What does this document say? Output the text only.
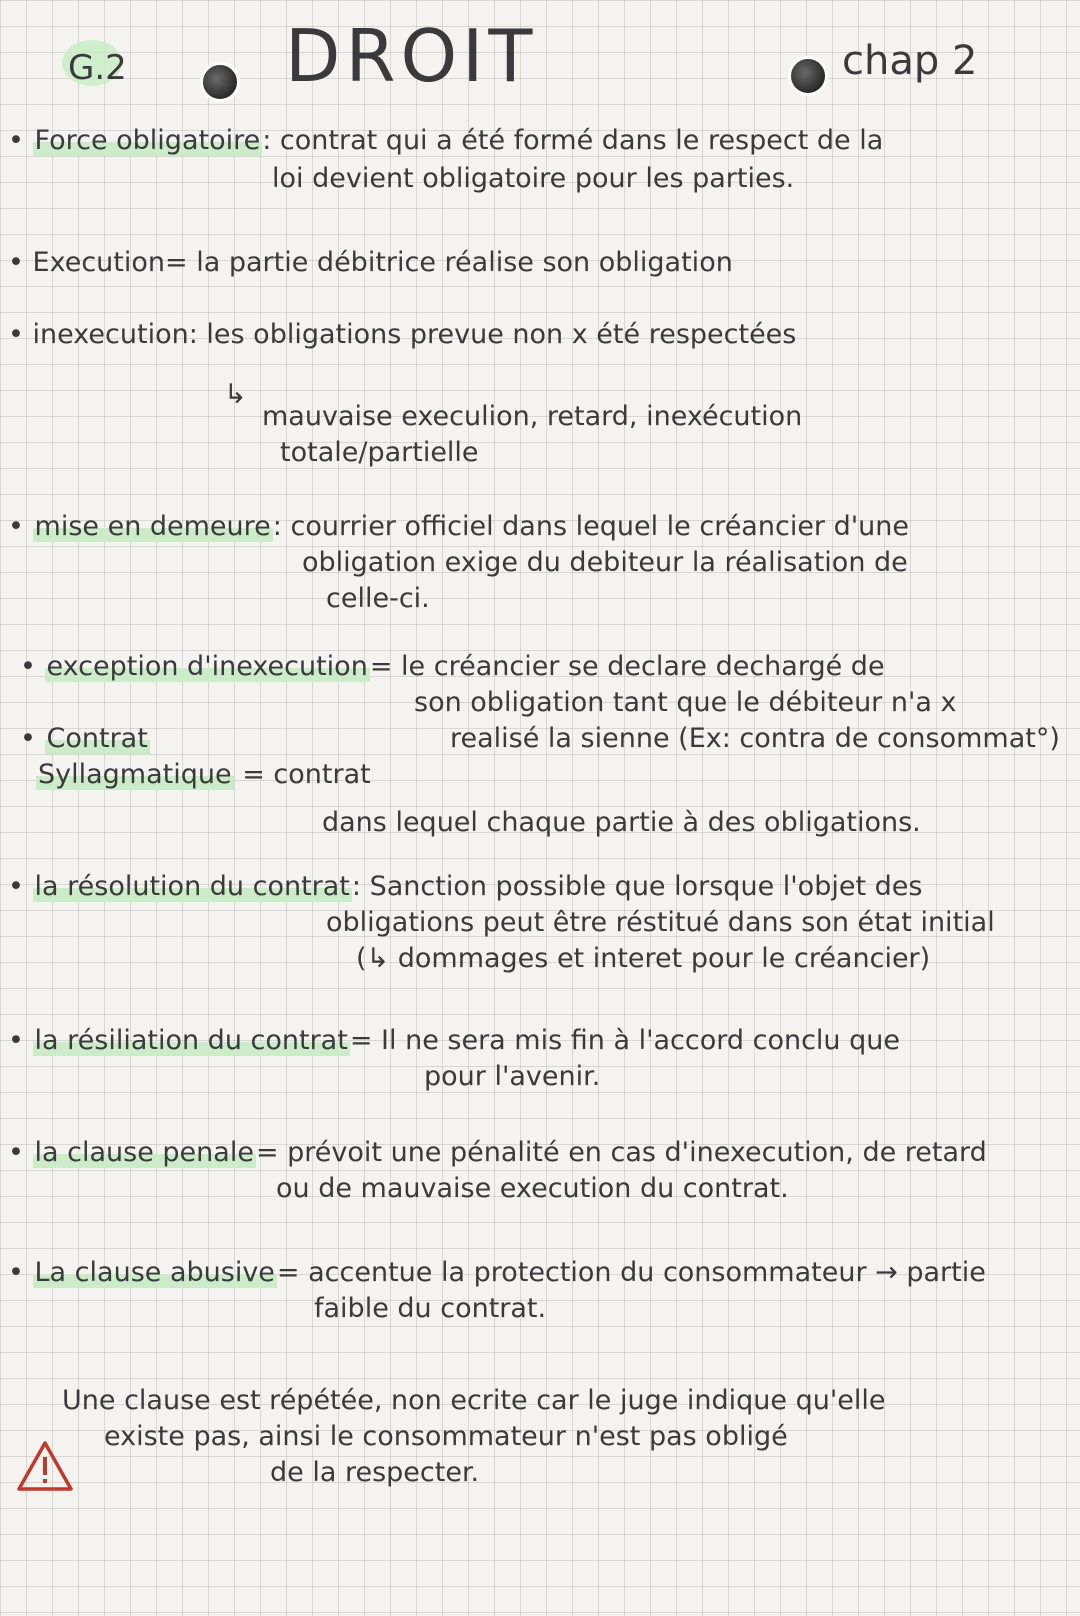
G.2 DROIT	chap 2
• Force obligatoire: contrat qui a été formé dans le respect de la
loi devient obligatoire pour les parties.
• Execution= la partie débitrice réalise son obligation
• inexecution: les obligations prevue non x été respectées
↳
mauvaise execulion, retard, inexécution
totale/partielle
• mise en demeure: courrier officiel dans lequel le créancier d'une
obligation exige du debiteur la réalisation de
celle-ci.
• exception d'inexecution= le créancier se declare dechargé de
son obligation tant que le débiteur n'a x
realisé la sienne (Ex: contra de consommat°)
• Contrat
Syllagmatique = contrat
dans lequel chaque partie à des obligations.
• la résolution du contrat: Sanction possible que lorsque l'objet des
obligations peut être réstitué dans son état initial
(↳ dommages et interet pour le créancier)
• la résiliation du contrat= Il ne sera mis fin à l'accord conclu que
pour l'avenir.
• la clause penale= prévoit une pénalité en cas d'inexecution, de retard
ou de mauvaise execution du contrat.
• La clause abusive= accentue la protection du consommateur → partie
faible du contrat.
Une clause est répétée, non ecrite car le juge indique qu'elle
existe pas, ainsi le consommateur n'est pas obligé
de la respecter.
